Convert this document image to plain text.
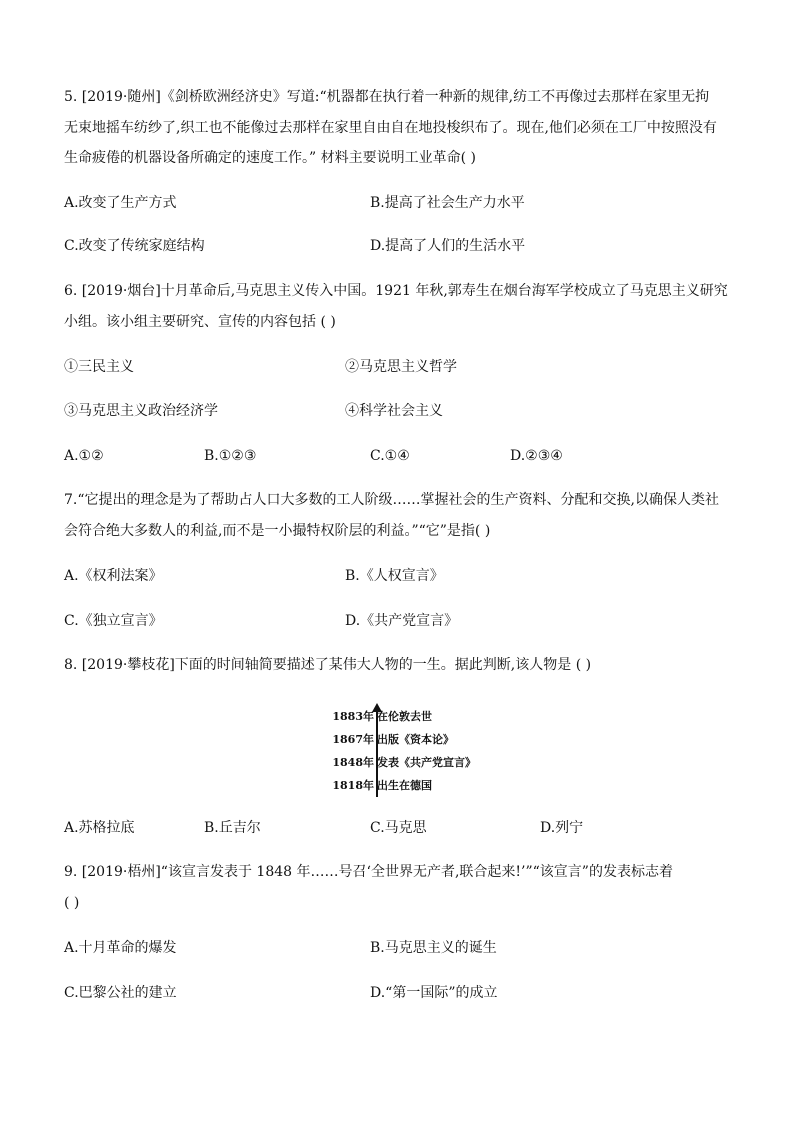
5. [2019·随州]《剑桥欧洲经济史》写道:“机器都在执行着一种新的规律,纺工不再像过去那样在家里无拘
无束地摇车纺纱了,织工也不能像过去那样在家里自由自在地投梭织布了。现在,他们必须在工厂中按照没有
生命疲倦的机器设备所确定的速度工作。” 材料主要说明工业革命( )
A.改变了生产方式	B.提高了社会生产力水平
C.改变了传统家庭结构	D.提高了人们的生活水平
6. [2019·烟台]十月革命后,马克思主义传入中国。1921 年秋,郭寿生在烟台海军学校成立了马克思主义研究
小组。该小组主要研究、宣传的内容包括 ( )
①三民主义	②马克思主义哲学
③马克思主义政治经济学	④科学社会主义
A.①②	B.①②③	C.①④	D.②③④
7.“它提出的理念是为了帮助占人口大多数的工人阶级……掌握社会的生产资料、分配和交换,以确保人类社
会符合绝大多数人的利益,而不是一小撮特权阶层的利益。”“它”是指( )
A.《权利法案》	B.《人权宣言》
C.《独立宣言》	D.《共产党宣言》
8. [2019·攀枝花]下面的时间轴简要描述了某伟大人物的一生。据此判断,该人物是 ( )
1883年 在伦敦去世
1867年 出版《资本论》
1848年 发表《共产党宣言》
1818年 出生在德国
A.苏格拉底	B.丘吉尔	C.马克思	D.列宁
9. [2019·梧州]“该宣言发表于 1848 年……号召‘全世界无产者,联合起来!’”“该宣言”的发表标志着
( )
A.十月革命的爆发	B.马克思主义的诞生
C.巴黎公社的建立	D.“第一国际”的成立
